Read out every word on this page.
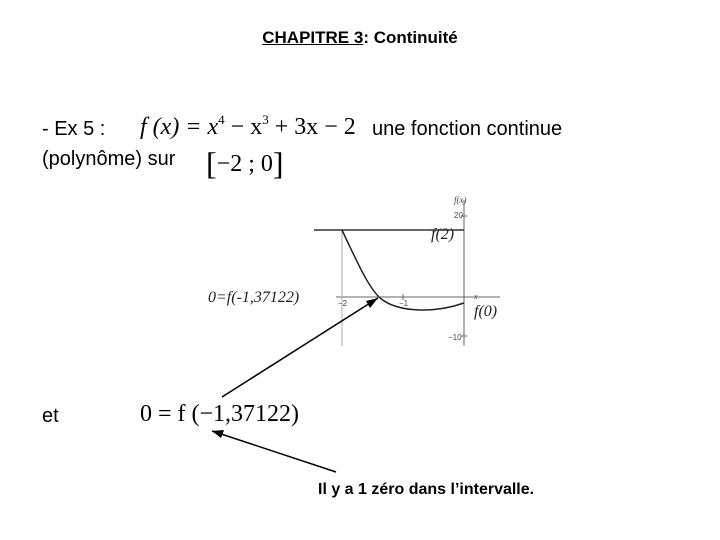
CHAPITRE 3: Continuité
- Ex 5 : f $(x) = x^4 - x^3 + 3x - 2$ une fonction continue
(polynôme) sur [−2 ; 0]
f(x)
20
−10
−2	−1
x
f(2)
0=f(-1,37122)
f(0)
et	0 = f (−1,37122)
Il y a 1 zéro dans l’intervalle.
